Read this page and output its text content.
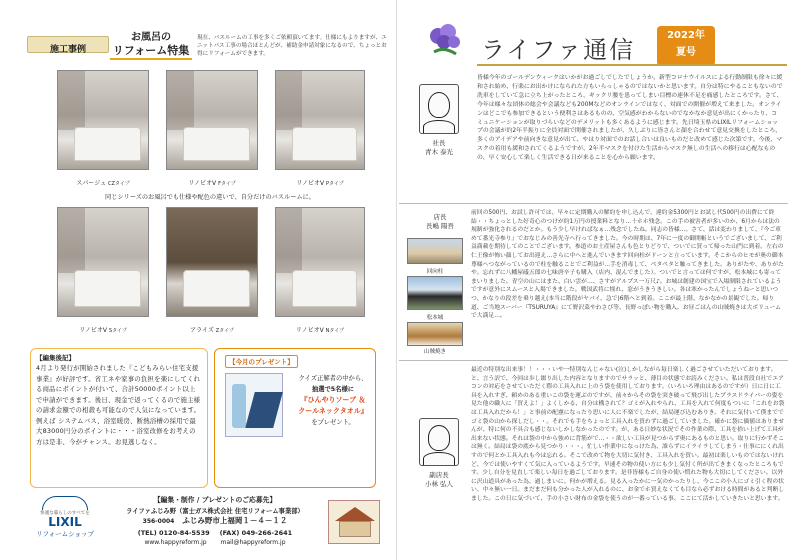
施工事例
お風呂の
リフォーム特集
現在、バスルームの工事を多くご依頼頂いてます。仕様にもよりますが、ユニットバス工事の場合ほとんどが、補助金申請対象になるので、ちょっとお得にリフォームができます。
スパージュ CZタイプ	リノビオV Fタイプ	リノビオV Pタイプ
同じシリーズのお風呂でも仕様や配色の違いで、自分だけのバスルームに。
リノビオV Sタイプ	アライズ Zタイプ	リノビオV Nタイプ
【編集後記】
4月より発行が開始されました『こどもみらい住宅支援事業』が好評です。省工ネや家事の負担を楽にしてくれる商品にポイントが付いて、合計50000ポイント以上で申請ができます。後日、現金で返ってくるので施主様の請求金額での相殺も可能なので人気になっています。例えば システムバス、浴室暖房、断熱浴槽の採用で最大83000円分のポイントに・・・浴室改修をお考えの方は是非、今がチャンス。お見逃しなく。
【今月のプレゼント】
クイズ正解者の中から、
抽選で5名様に
『ひんやりソープ ＆
クールネックタオル』
をプレゼント。
快適な暮らしのすべてを
LIXIL
リフォームショップ
【編集・制作 / プレゼントのご応募先】
ライファふじみ野（富士ガス株式会社 住宅リフォーム事業部）
356-0004 ふじみ野市上福岡１－４－１２
(TEL) 0120-84-5539 (FAX) 049-266-2641
www.happyreform.jp mail@happyreform.jp
ライファ通信
2022年
夏号
社長
青木 泰光
皆様今年のゴールデンウィークはいかがお過ごしでしたでしょうか。新型コロナウイルスによる行動制限も徐々に緩和され始め、行楽にお出かけになられた方もいらっしゃるのではないかと思います。自分は特にやることもないので洗車をしていて急に立ち上がったところ、ギックリ腰を患ってしまい目標の連休不足を痛感したところです。さて、今年は様々な団体の総会や会議なども200Mなどのオンラインではなく、対面での開催が増えて来ました。オンラインはどこでも参加できるという便利さはあるものの、空気感がわからないのでなかなか意見が出にくかったり、コミュニケーションが取りづらいなどのデメリットも多くあるように感じます。先日埼玉県のLIXILリフォームショップの会議が約2年半振りに全員対面で開催されましたが、久しぶりに皆さんと顔を合わせて意見交換をしたところ、多くのアイデアや前向きな意見が出て、やはり対面でのお話し合いは良いものだと改めて感じた次第です。今後、マスクの着用も緩和されてくるようですが、2年半マスクを付けた生活からマスク無しの生活への移行は心配なものの、早く安心して楽しく生活できる日が来ることを心から願います。
店長
長嶋 陽吾
回向柱
松本城
山賊焼き
前回の500円、お試し許可では、早々に定期購入の解約を申し込んで、違約金5300円とお試し代500円の出費にて終結・・ちょっとした好奇心のつけが約1万円の授業料となり…十ホホ残念。この手の被害者が多いのか、6月からは法の規制が強化されるのだとか。もう少し早ければなぁ…残念でしたね。同志の皆様…。さて、話は変わりまして、『今ご車めて番光寺参り』でおなじみの善光寺へ行ってきました。今の時期は、7年に一度の御開帳というでございまして、ご利益満載を期待してのことでございます。参道のお土産屋さんも色とりどりで、ついでに買って帰った山門に到着。左右の仁王像が怖い顔してお出迎え…さらに中へと進んでいきます回向柱がドーンと立っています。そこからのヒモが奥の御本尊様へつながっているので柱を触ることでご利益が…手を消毒して、ペタペタと触ってきました。ありがたや、ありがたや。忘れずに八幡屋礒五郎の七味唐辛子も購入（店内、混んでました）。ついでと言っては何ですが、松本城にも寄ってまいりました。青空の山にはまた、白い雲が…、さすがアルプス一万尺♪。お城は創建の国宝で入場制限されているようですが意外にスムースと入場できました。戦国武将に憧れ、窓がうきうきしい。各は寒かったんでしょうねーと思いつつ、かなりの段差を乗り越え(本当に階段がヤバイ、急で)6階へと到着。ここが最上階、なかなかの景観でした。帰り道、ご当地スーパー『TSURUYA』にて野沢菜やわさび等、長野っぽい物を購入。お昼ごはんの山賊焼きは大ボリュームで大満足…。
副店長
小林 弘人
最近の特別な出来事！！・・・いや一特別なんじゃない(泣)しかしながら毎日楽しく過ごさせていただいております。と、言う訳で、今回は歩し綴り出した内容となりますのでサラッと、薄目の状態でお読みください。私は普段自社でエアコンの対応をさせていただく際の工具入れに上のう袋を使用しております。（いろいろ理由はあるのですが）日に日に工具を入れすぎ、頼めのある重いこの袋を運ぶのですが、前々からその袋を突き破って飛び出したプラスドライバーの姿を見た他の職人に「買えよ！」よくしかる、自分は構されて？ゴミが入れやられ、工具を入れて何度もついに「これをお袋は工具入れだから！」と事前の配慮になったり思いに人に不楽でしたが、結局運び込むありき。それに気付いて僕まででゴミ袋の山から探しだし・・。それでも手をちょっと工具入れを買わずに過ごしていました。確かに袋に価値はありませんが、特に何の不具合も感じないしかしなかったのです。が、ある日妙な状況でその作業の際、工具を拾い上げて工具が出来ない状態。それは袋の中から強めに背筋がで…・・欲しい工具が見つからず奥にあるものと思い。取りに行かずそこは無く。結局は袋の底から見つかり・・・。忙しい作業中になっけた為、誰らずにイライラしてしまう・仕事ににくれ出すので何とか工具入れも今は忘れる。そこで改めて物を大切に気付き、工具入れを買い。最初は楽しいものではないけれど、今では使いやすくて気に入っているようです。早速その物の使い方にも少し気付く所が出てきまくなったところもです。少し自分を見直して楽しい毎日を過ごしております。是非皆様もご自身の使い慣れた物も大切にしてください。以外に沢山道具があった為、過しまいに。何かが増える。見る入ったかに一気のかったりし、今ここの小人にゴミ引く程の状い、中々無い一日。まだまだ何も分かった人が入れるのに、お金でホ買えなくても目なら必ずおける時間があると判断しました。この日に気づいて、手の小さい財布の金袋を使うのが一番っている事、ここにて活かしていきたいと思います。
